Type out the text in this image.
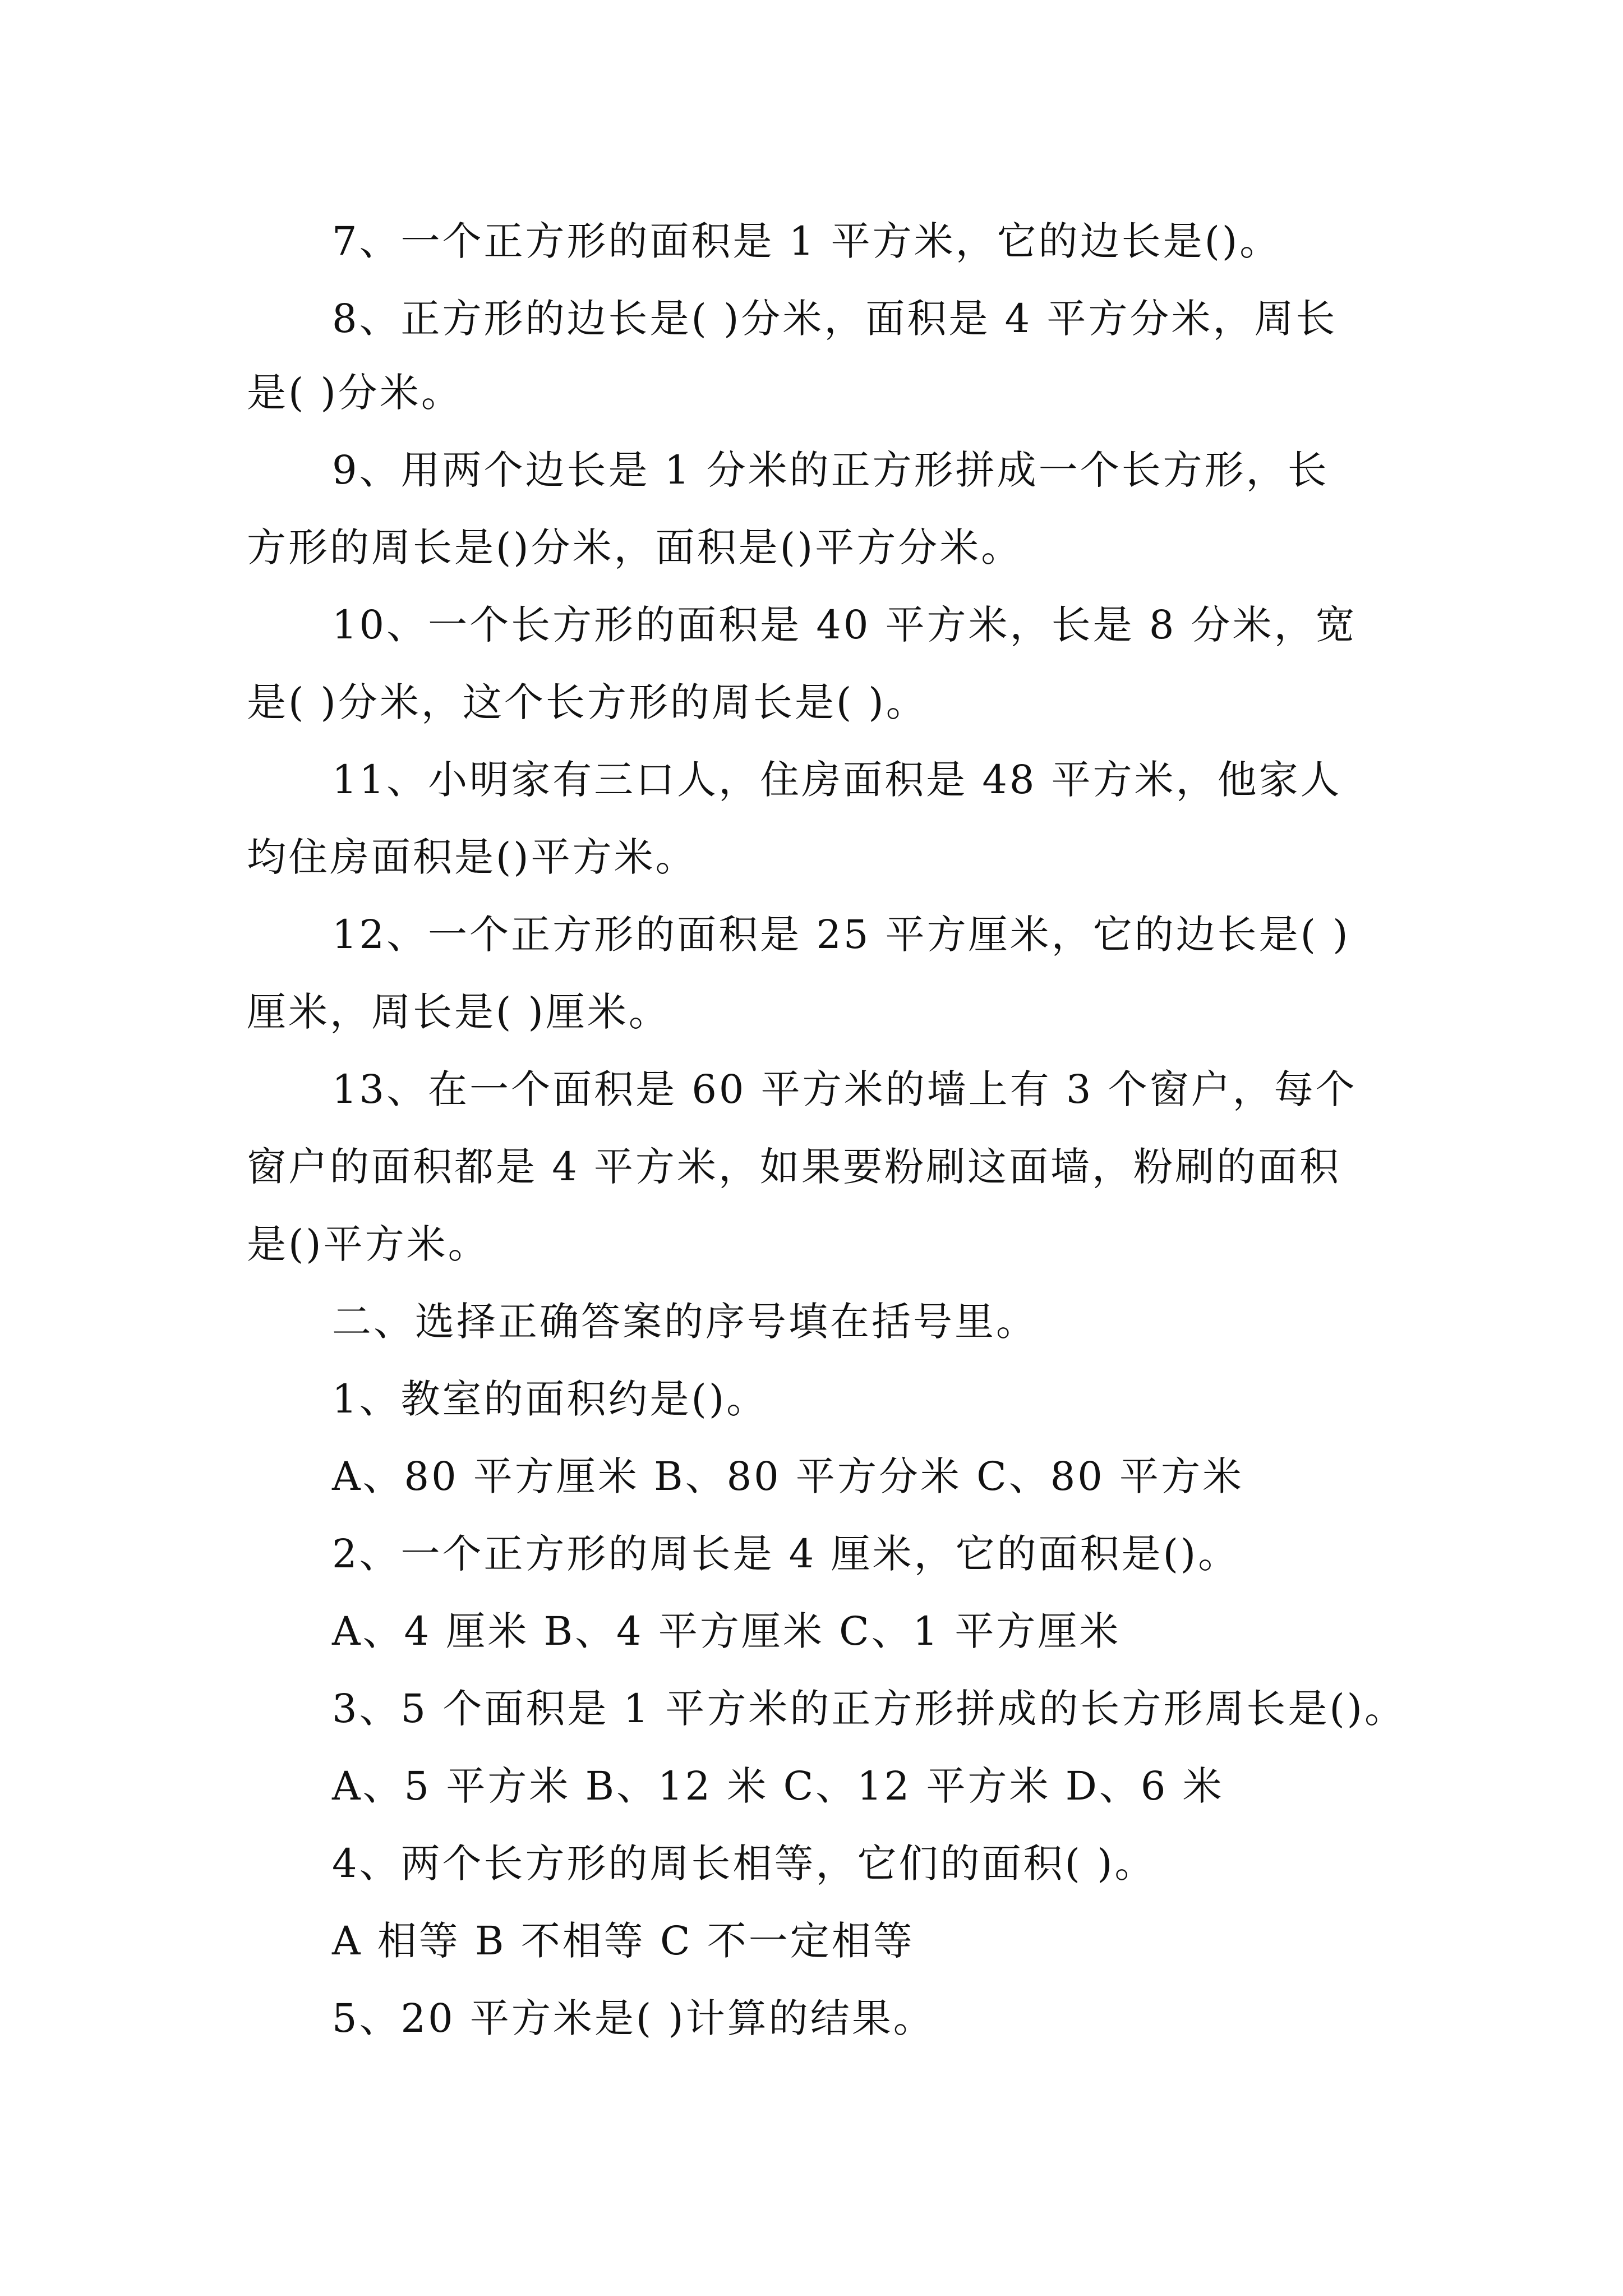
7、一个正方形的面积是 1 平方米，它的边长是()。

8、正方形的边长是( )分米，面积是 4 平方分米，周长

是( )分米。

9、用两个边长是 1 分米的正方形拼成一个长方形，长

方形的周长是()分米，面积是()平方分米。

10、一个长方形的面积是 40 平方米，长是 8 分米，宽

是( )分米，这个长方形的周长是( )。

11、小明家有三口人，住房面积是 48 平方米，他家人

均住房面积是()平方米。

12、一个正方形的面积是 25 平方厘米，它的边长是( )

厘米，周长是( )厘米。

13、在一个面积是 60 平方米的墙上有 3 个窗户，每个

窗户的面积都是 4 平方米，如果要粉刷这面墙，粉刷的面积

是()平方米。

二、选择正确答案的序号填在括号里。

1、教室的面积约是()。

A、80 平方厘米 B、80 平方分米 C、80 平方米

2、一个正方形的周长是 4 厘米，它的面积是()。

A、4 厘米 B、4 平方厘米 C、1 平方厘米

3、5 个面积是 1 平方米的正方形拼成的长方形周长是()。

A、5 平方米 B、12 米 C、12 平方米 D、6 米

4、两个长方形的周长相等，它们的面积( )。

A 相等 B 不相等 C 不一定相等

5、20 平方米是( )计算的结果。
